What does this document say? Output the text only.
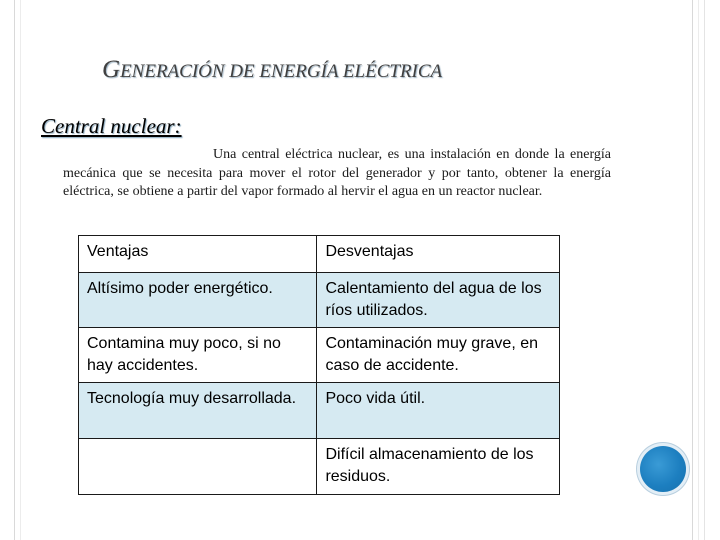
GENERACIÓN DE ENERGÍA ELÉCTRICA
Central nuclear:
Una central eléctrica nuclear, es una instalación en donde la energía mecánica que se necesita para mover el rotor del generador y por tanto, obtener la energía eléctrica, se obtiene a partir del vapor formado al hervir el agua en un reactor nuclear.
Ventajas	Desventajas
Altísimo poder energético.	Calentamiento del agua de los ríos utilizados.
Contamina muy poco, si no hay accidentes.	Contaminación muy grave, en caso de accidente.
Tecnología muy desarrollada.	Poco vida útil.
	Difícil almacenamiento de los residuos.
